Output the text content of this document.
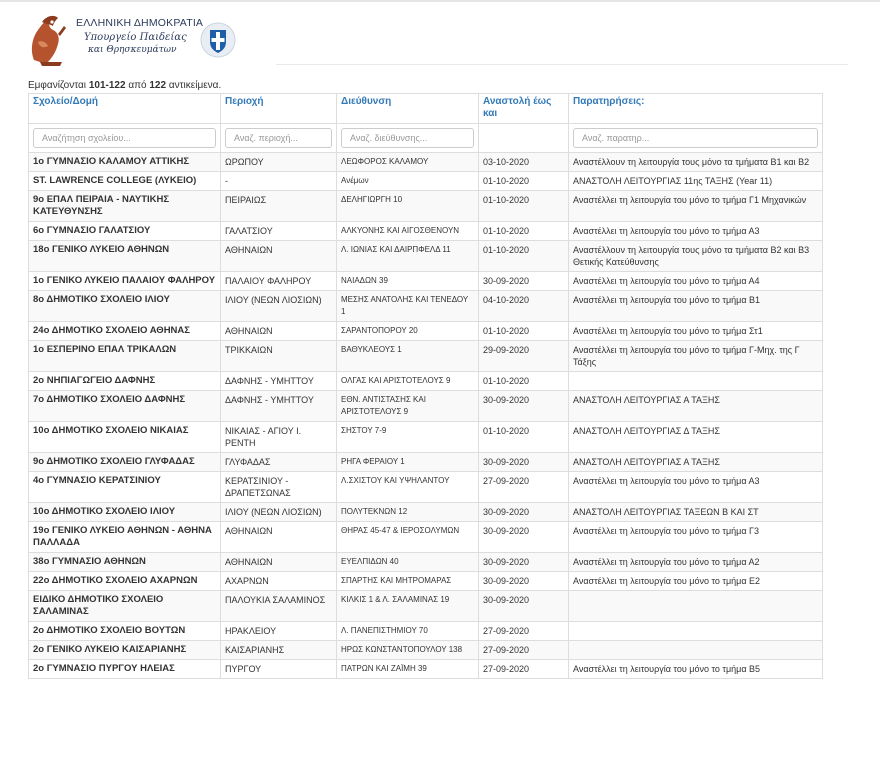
ΕΛΛΗΝΙΚΗ ΔΗΜΟΚΡΑΤΙΑ
Υπουργείο Παιδείας
και Θρησκευμάτων
Εμφανίζονται 101-122 από 122 αντικείμενα.
Σχολείο/Δομή	Περιοχή	Διεύθυνση	Αναστολή έως και	Παρατηρήσεις:
Αναζήτηση σχολείου...	Αναζ. περιοχή...	Αναζ. διεύθυνσης...		Αναζ. παρατηρ...
1ο ΓΥΜΝΑΣΙΟ ΚΑΛΑΜΟΥ ΑΤΤΙΚΗΣ	ΩΡΩΠΟΥ	ΛΕΩΦΟΡΟΣ ΚΑΛΑΜΟΥ	03-10-2020	Αναστέλλουν τη λειτουργία τους μόνο τα τμήματα Β1 και Β2
ST. LAWRENCE COLLEGE (ΛΥΚΕΙΟ)	-	Ανέμων	01-10-2020	ΑΝΑΣΤΟΛΗ ΛΕΙΤΟΥΡΓΙΑΣ 11ης ΤΑΞΗΣ (Year 11)
9ο ΕΠΑΛ ΠΕΙΡΑΙΑ - ΝΑΥΤΙΚΗΣ ΚΑΤΕΥΘΥΝΣΗΣ	ΠΕΙΡΑΙΩΣ	ΔΕΛΗΓΙΩΡΓΗ 10	01-10-2020	Αναστέλλει τη λειτουργία του μόνο το τμήμα Γ1 Μηχανικών
6ο ΓΥΜΝΑΣΙΟ ΓΑΛΑΤΣΙΟΥ	ΓΑΛΑΤΣΙΟΥ	ΑΛΚΥΟΝΗΣ ΚΑΙ ΑΙΓΟΣΘΕΝΟΥΝ	01-10-2020	Αναστέλλει τη λειτουργία του μόνο το τμήμα Α3
18ο ΓΕΝΙΚΟ ΛΥΚΕΙΟ ΑΘΗΝΩΝ	ΑΘΗΝΑΙΩΝ	Λ. ΙΩΝΙΑΣ ΚΑΙ ΔΑΙΡΠΦΕΛΔ 11	01-10-2020	Αναστέλλουν τη λειτουργία τους μόνο τα τμήματα Β2 και Β3 Θετικής Κατεύθυνσης
1ο ΓΕΝΙΚΟ ΛΥΚΕΙΟ ΠΑΛΑΙΟΥ ΦΑΛΗΡΟΥ	ΠΑΛΑΙΟΥ ΦΑΛΗΡΟΥ	ΝΑΙΑΔΩΝ 39	30-09-2020	Αναστέλλει τη λειτουργία του μόνο το τμήμα Α4
8ο ΔΗΜΟΤΙΚΟ ΣΧΟΛΕΙΟ ΙΛΙΟΥ	ΙΛΙΟΥ (ΝΕΩΝ ΛΙΟΣΙΩΝ)	ΜΕΣΗΣ ΑΝΑΤΟΛΗΣ ΚΑΙ ΤΕΝΕΔΟΥ 1	04-10-2020	Αναστέλλει τη λειτουργία του μόνο το τμήμα Β1
24ο ΔΗΜΟΤΙΚΟ ΣΧΟΛΕΙΟ ΑΘΗΝΑΣ	ΑΘΗΝΑΙΩΝ	ΣΑΡΑΝΤΟΠΟΡΟΥ 20	01-10-2020	Αναστέλλει τη λειτουργία του μόνο το τμήμα Στ1
1ο ΕΣΠΕΡΙΝΟ ΕΠΑΛ ΤΡΙΚΑΛΩΝ	ΤΡΙΚΚΑΙΩΝ	ΒΑΘΥΚΛΕΟΥΣ 1	29-09-2020	Αναστέλλει τη λειτουργία του μόνο το τμήμα Γ-Μηχ. της Γ Τάξης
2ο ΝΗΠΙΑΓΩΓΕΙΟ ΔΑΦΝΗΣ	ΔΑΦΝΗΣ - ΥΜΗΤΤΟΥ	ΟΛΓΑΣ ΚΑΙ ΑΡΙΣΤΟΤΕΛΟΥΣ 9	01-10-2020	
7ο ΔΗΜΟΤΙΚΟ ΣΧΟΛΕΙΟ ΔΑΦΝΗΣ	ΔΑΦΝΗΣ - ΥΜΗΤΤΟΥ	ΕΘΝ. ΑΝΤΙΣΤΑΣΗΣ ΚΑΙ ΑΡΙΣΤΟΤΕΛΟΥΣ 9	30-09-2020	ΑΝΑΣΤΟΛΗ ΛΕΙΤΟΥΡΓΙΑΣ Α ΤΑΞΗΣ
10ο ΔΗΜΟΤΙΚΟ ΣΧΟΛΕΙΟ ΝΙΚΑΙΑΣ	ΝΙΚΑΙΑΣ - ΑΓΙΟΥ Ι. ΡΕΝΤΗ	ΣΗΣΤΟΥ 7-9	01-10-2020	ΑΝΑΣΤΟΛΗ ΛΕΙΤΟΥΡΓΙΑΣ Δ ΤΑΞΗΣ
9ο ΔΗΜΟΤΙΚΟ ΣΧΟΛΕΙΟ ΓΛΥΦΑΔΑΣ	ΓΛΥΦΑΔΑΣ	ΡΗΓΑ ΦΕΡΑΙΟΥ 1	30-09-2020	ΑΝΑΣΤΟΛΗ ΛΕΙΤΟΥΡΓΙΑΣ Α ΤΑΞΗΣ
4ο ΓΥΜΝΑΣΙΟ ΚΕΡΑΤΣΙΝΙΟΥ	ΚΕΡΑΤΣΙΝΙΟΥ - ΔΡΑΠΕΤΣΩΝΑΣ	Λ.ΣΧΙΣΤΟΥ ΚΑΙ ΥΨΗΛΑΝΤΟΥ	27-09-2020	Αναστέλλει τη λειτουργία του μόνο το τμήμα Α3
10ο ΔΗΜΟΤΙΚΟ ΣΧΟΛΕΙΟ ΙΛΙΟΥ	ΙΛΙΟΥ (ΝΕΩΝ ΛΙΟΣΙΩΝ)	ΠΟΛΥΤΕΚΝΩΝ 12	30-09-2020	ΑΝΑΣΤΟΛΗ ΛΕΙΤΟΥΡΓΙΑΣ ΤΑΞΕΩΝ Β ΚΑΙ ΣΤ
19ο ΓΕΝΙΚΟ ΛΥΚΕΙΟ ΑΘΗΝΩΝ - ΑΘΗΝΑ ΠΑΛΛΑΔΑ	ΑΘΗΝΑΙΩΝ	ΘΗΡΑΣ 45-47 & ΙΕΡΟΣΟΛΥΜΩΝ	30-09-2020	Αναστέλλει τη λειτουργία του μόνο το τμήμα Γ3
38ο ΓΥΜΝΑΣΙΟ ΑΘΗΝΩΝ	ΑΘΗΝΑΙΩΝ	ΕΥΕΛΠΙΔΩΝ 40	30-09-2020	Αναστέλλει τη λειτουργία του μόνο το τμήμα Α2
22ο ΔΗΜΟΤΙΚΟ ΣΧΟΛΕΙΟ ΑΧΑΡΝΩΝ	ΑΧΑΡΝΩΝ	ΣΠΑΡΤΗΣ ΚΑΙ ΜΗΤΡΟΜΑΡΑΣ	30-09-2020	Αναστέλλει τη λειτουργία του μόνο το τμήμα Ε2
ΕΙΔΙΚΟ ΔΗΜΟΤΙΚΟ ΣΧΟΛΕΙΟ ΣΑΛΑΜΙΝΑΣ	ΠΑΛΟΥΚΙΑ ΣΑΛΑΜΙΝΟΣ	ΚΙΛΚΙΣ 1 & Λ. ΣΑΛΑΜΙΝΑΣ 19	30-09-2020	
2ο ΔΗΜΟΤΙΚΟ ΣΧΟΛΕΙΟ ΒΟΥΤΩΝ	ΗΡΑΚΛΕΙΟΥ	Λ. ΠΑΝΕΠΙΣΤΗΜΙΟΥ 70	27-09-2020	
2ο ΓΕΝΙΚΟ ΛΥΚΕΙΟ ΚΑΙΣΑΡΙΑΝΗΣ	ΚΑΙΣΑΡΙΑΝΗΣ	ΗΡΩΣ ΚΩΝΣΤΑΝΤΟΠΟΥΛΟΥ 138	27-09-2020	
2ο ΓΥΜΝΑΣΙΟ ΠΥΡΓΟΥ ΗΛΕΙΑΣ	ΠΥΡΓΟΥ	ΠΑΤΡΩΝ ΚΑΙ ΖΑΪΜΗ 39	27-09-2020	Αναστέλλει τη λειτουργία του μόνο το τμήμα Β5
